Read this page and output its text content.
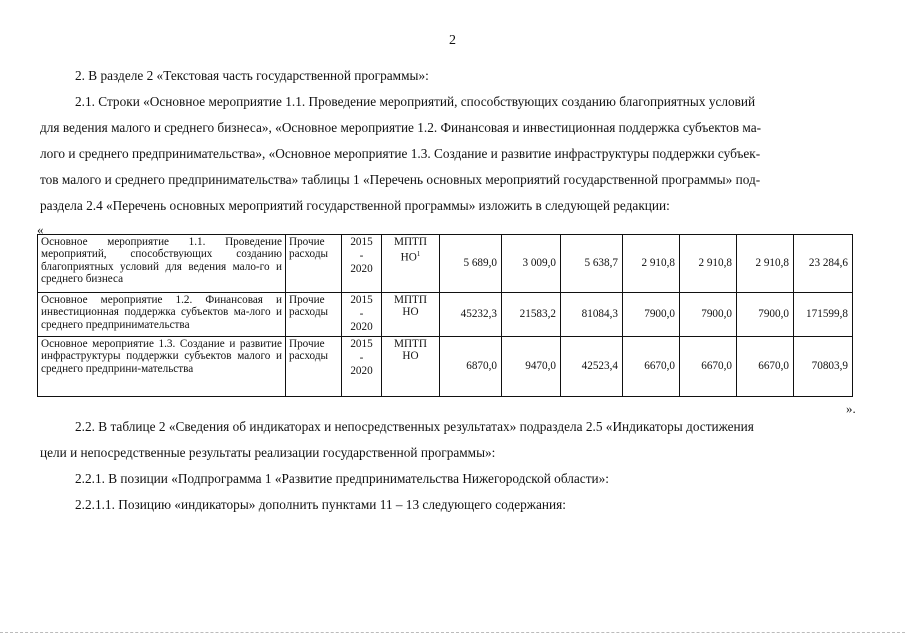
2
2. В разделе 2 «Текстовая часть государственной программы»:
2.1. Строки «Основное мероприятие 1.1. Проведение мероприятий, способствующих созданию благоприятных условий
для ведения малого и среднего бизнеса», «Основное мероприятие 1.2. Финансовая и инвестиционная поддержка субъектов ма-
лого и среднего предпринимательства», «Основное мероприятие 1.3. Создание и развитие инфраструктуры поддержки субъек-
тов малого и среднего предпринимательства» таблицы 1 «Перечень основных мероприятий государственной программы» под-
раздела 2.4 «Перечень основных мероприятий государственной программы» изложить в следующей редакции:
«
Основное мероприятие 1.1. Проведение мероприятий, способствующих созданию благоприятных условий для ведения мало-го и среднего бизнеса	Прочие расходы	2015
-
2020	МПТП $НО^1$	5 689,0	3 009,0	5 638,7	2 910,8	2 910,8	2 910,8	23 284,6
Основное мероприятие 1.2. Финансовая и инвестиционная поддержка субъектов ма-лого и среднего предпринимательства	Прочие расходы	2015
-
2020	МПТП НО	45232,3	21583,2	81084,3	7900,0	7900,0	7900,0	171599,8
Основное мероприятие 1.3. Создание и развитие инфраструктуры поддержки субъектов малого и среднего предприни-мательства	Прочие расходы	2015
-
2020	МПТП НО	6870,0	9470,0	42523,4	6670,0	6670,0	6670,0	70803,9
».
2.2. В таблице 2 «Сведения об индикаторах и непосредственных результатах» подраздела 2.5 «Индикаторы достижения
цели и непосредственные результаты реализации государственной программы»:
2.2.1. В позиции «Подпрограмма 1 «Развитие предпринимательства Нижегородской области»:
2.2.1.1. Позицию «индикаторы» дополнить пунктами 11 – 13 следующего содержания:
